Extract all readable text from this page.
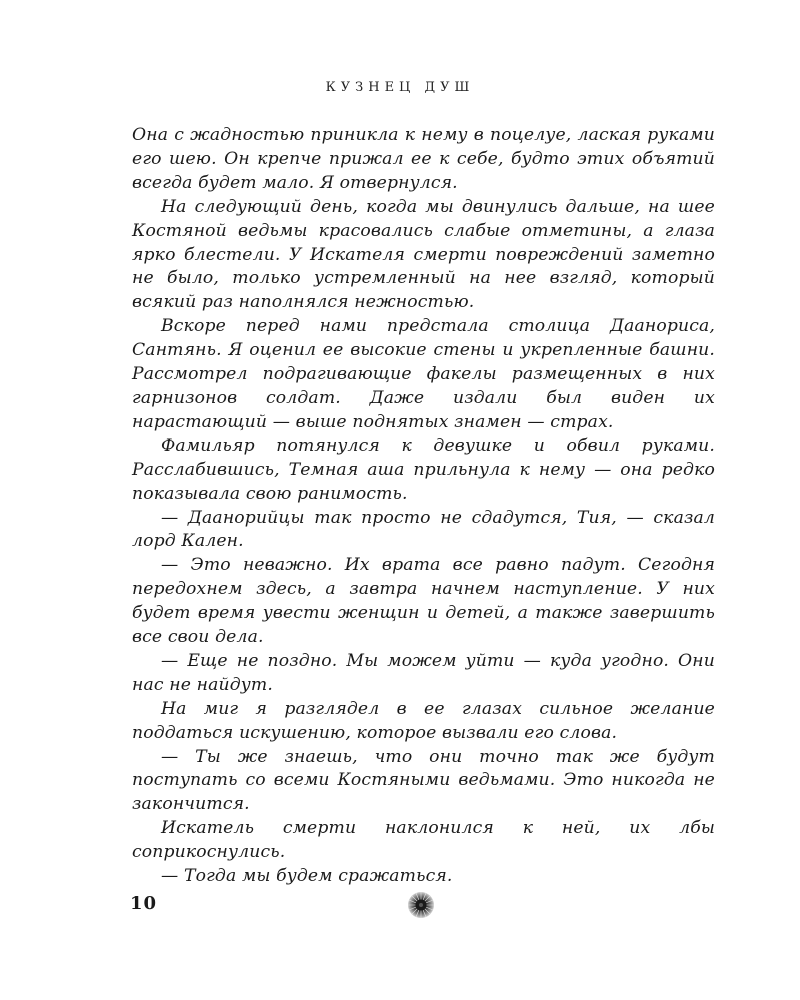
КУЗНЕЦ ДУШ

Она с жадностью приникла к нему в поцелуе, лаская руками его шею. Он крепче прижал ее к себе, будто этих объятий всегда будет мало. Я отвернулся.

На следующий день, когда мы двинулись дальше, на шее Костяной ведьмы красовались слабые отметины, а глаза ярко блестели. У Искателя смерти повреждений заметно не было, только устремленный на нее взгляд, который всякий раз наполнялся нежностью.

Вскоре перед нами предстала столица Даанориса, Сантянь. Я оценил ее высокие стены и укрепленные башни. Рассмотрел подрагивающие факелы размещенных в них гарнизонов солдат. Даже издали был виден их нарастающий — выше поднятых знамен — страх.

Фамильяр потянулся к девушке и обвил руками. Расслабившись, Темная аша прильнула к нему — она редко показывала свою ранимость.

— Даанорийцы так просто не сдадутся, Тия, — сказал лорд Кален.

— Это неважно. Их врата все равно падут. Сегодня передохнем здесь, а завтра начнем наступление. У них будет время увести женщин и детей, а также завершить все свои дела.

— Еще не поздно. Мы можем уйти — куда угодно. Они нас не найдут.

На миг я разглядел в ее глазах сильное желание поддаться искушению, которое вызвали его слова.

— Ты же знаешь, что они точно так же будут поступать со всеми Костяными ведьмами. Это никогда не закончится.

Искатель смерти наклонился к ней, их лбы соприкоснулись.

— Тогда мы будем сражаться.

10
